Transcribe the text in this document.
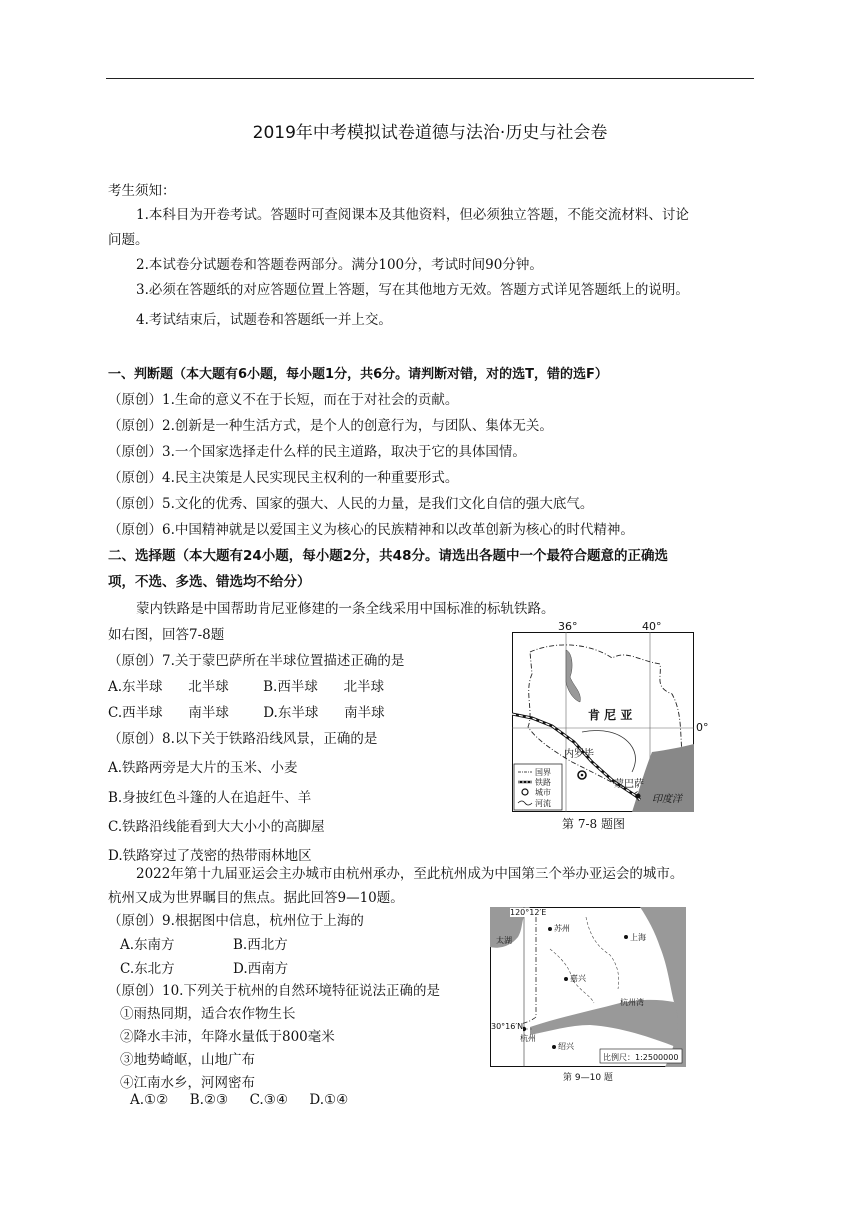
2019年中考模拟试卷道德与法治·历史与社会卷
考生须知：
1.本科目为开卷考试。答题时可查阅课本及其他资料，但必须独立答题，不能交流材料、讨论
问题。
2.本试卷分试题卷和答题卷两部分。满分100分，考试时间90分钟。
3.必须在答题纸的对应答题位置上答题，写在其他地方无效。答题方式详见答题纸上的说明。
4.考试结束后，试题卷和答题纸一并上交。
一、判断题（本大题有6小题，每小题1分，共6分。请判断对错，对的选T，错的选F）
（原创）1.生命的意义不在于长短，而在于对社会的贡献。
（原创）2.创新是一种生活方式，是个人的创意行为，与团队、集体无关。
（原创）3.一个国家选择走什么样的民主道路，取决于它的具体国情。
（原创）4.民主决策是人民实现民主权利的一种重要形式。
（原创）5.文化的优秀、国家的强大、人民的力量，是我们文化自信的强大底气。
（原创）6.中国精神就是以爱国主义为核心的民族精神和以改革创新为核心的时代精神。
二、选择题（本大题有24小题，每小题2分，共48分。请选出各题中一个最符合题意的正确选
项，不选、多选、错选均不给分）
蒙内铁路是中国帮助肯尼亚修建的一条全线采用中国标准的标轨铁路。
如右图，回答7-8题
（原创）7.关于蒙巴萨所在半球位置描述正确的是
A.东半球      北半球        B.西半球      北半球
C.西半球      南半球        D.东半球      南半球
（原创）8.以下关于铁路沿线风景，正确的是
A.铁路两旁是大片的玉米、小麦
B.身披红色斗篷的人在追赶牛、羊
C.铁路沿线能看到大大小小的高脚屋
D.铁路穿过了茂密的热带雨林地区
2022年第十九届亚运会主办城市由杭州承办，至此杭州成为中国第三个举办亚运会的城市。
杭州又成为世界瞩目的焦点。据此回答9—10题。
（原创）9.根据图中信息，杭州位于上海的
A.东南方	B.西北方
C.东北方	D.西南方
（原创）10.下列关于杭州的自然环境特征说法正确的是
①雨热同期，适合农作物生长
②降水丰沛，年降水量低于800毫米
③地势崎岖，山地广布
④江南水乡，河网密布
A.①②     B.②③     C.③④     D.①④
36°	40°
0°
肯 尼 亚
内罗毕
蒙巴萨
印度洋
国界
铁路
城市
河流
第 7-8 题图
120°12′E
太湖
苏州
上海
嘉兴
杭州湾
30°16′N
杭州
绍兴
比例尺：1:2500000
第 9—10 题
